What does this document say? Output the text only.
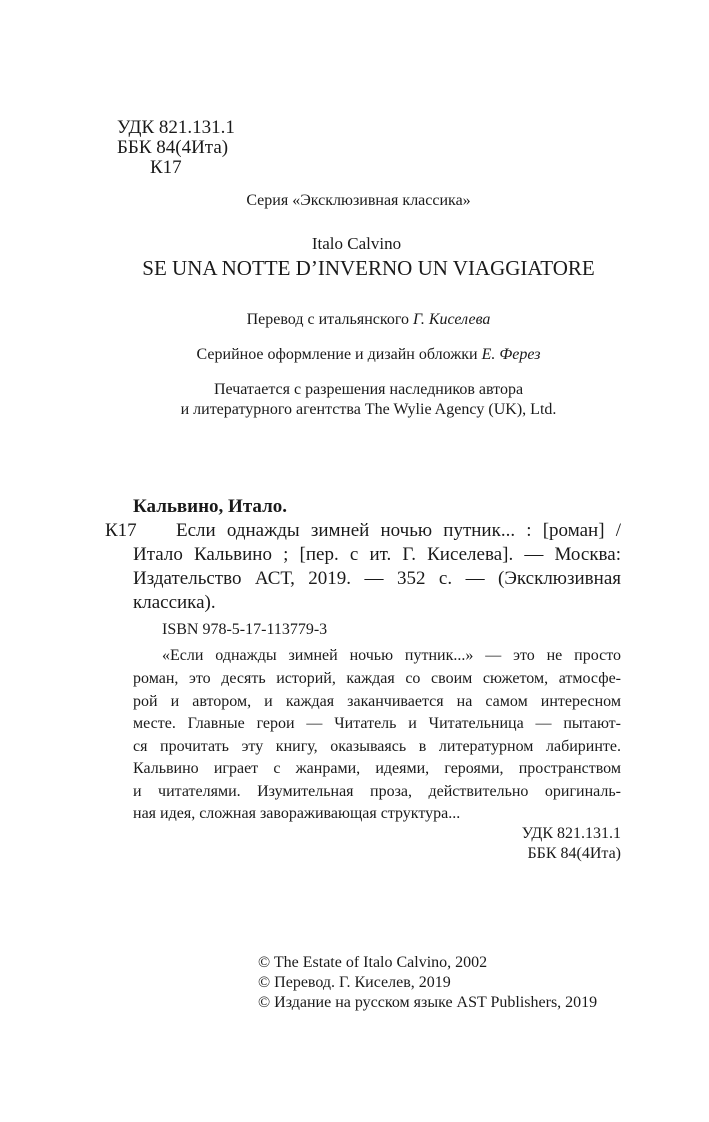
УДК 821.131.1
ББК 84(4Ита)
К17
Серия «Эксклюзивная классика»
Italo Calvino
SE UNA NOTTE D’INVERNO UN VIAGGIATORE
Перевод с итальянского Г. Киселева
Серийное оформление и дизайн обложки Е. Ферез
Печатается с разрешения наследников автора
и литературного агентства The Wylie Agency (UK), Ltd.
Кальвино, Итало.
К17 Если однажды зимней ночью путник... : [роман] /
Итало Кальвино ; [пер. с ит. Г. Киселева]. — Москва:
Издательство АСТ, 2019. — 352 с. — (Эксклюзивная
классика).
ISBN 978-5-17-113779-3
«Если однажды зимней ночью путник...» — это не просто
роман, это десять историй, каждая со своим сюжетом, атмосфе-
рой и автором, и каждая заканчивается на самом интересном
месте. Главные герои — Читатель и Читательница — пытают-
ся прочитать эту книгу, оказываясь в литературном лабиринте.
Кальвино играет с жанрами, идеями, героями, пространством
и читателями. Изумительная проза, действительно оригиналь-
ная идея, сложная завораживающая структура...
УДК 821.131.1
ББК 84(4Ита)
© The Estate of Italo Calvino, 2002
© Перевод. Г. Киселев, 2019
© Издание на русском языке AST Publishers, 2019
